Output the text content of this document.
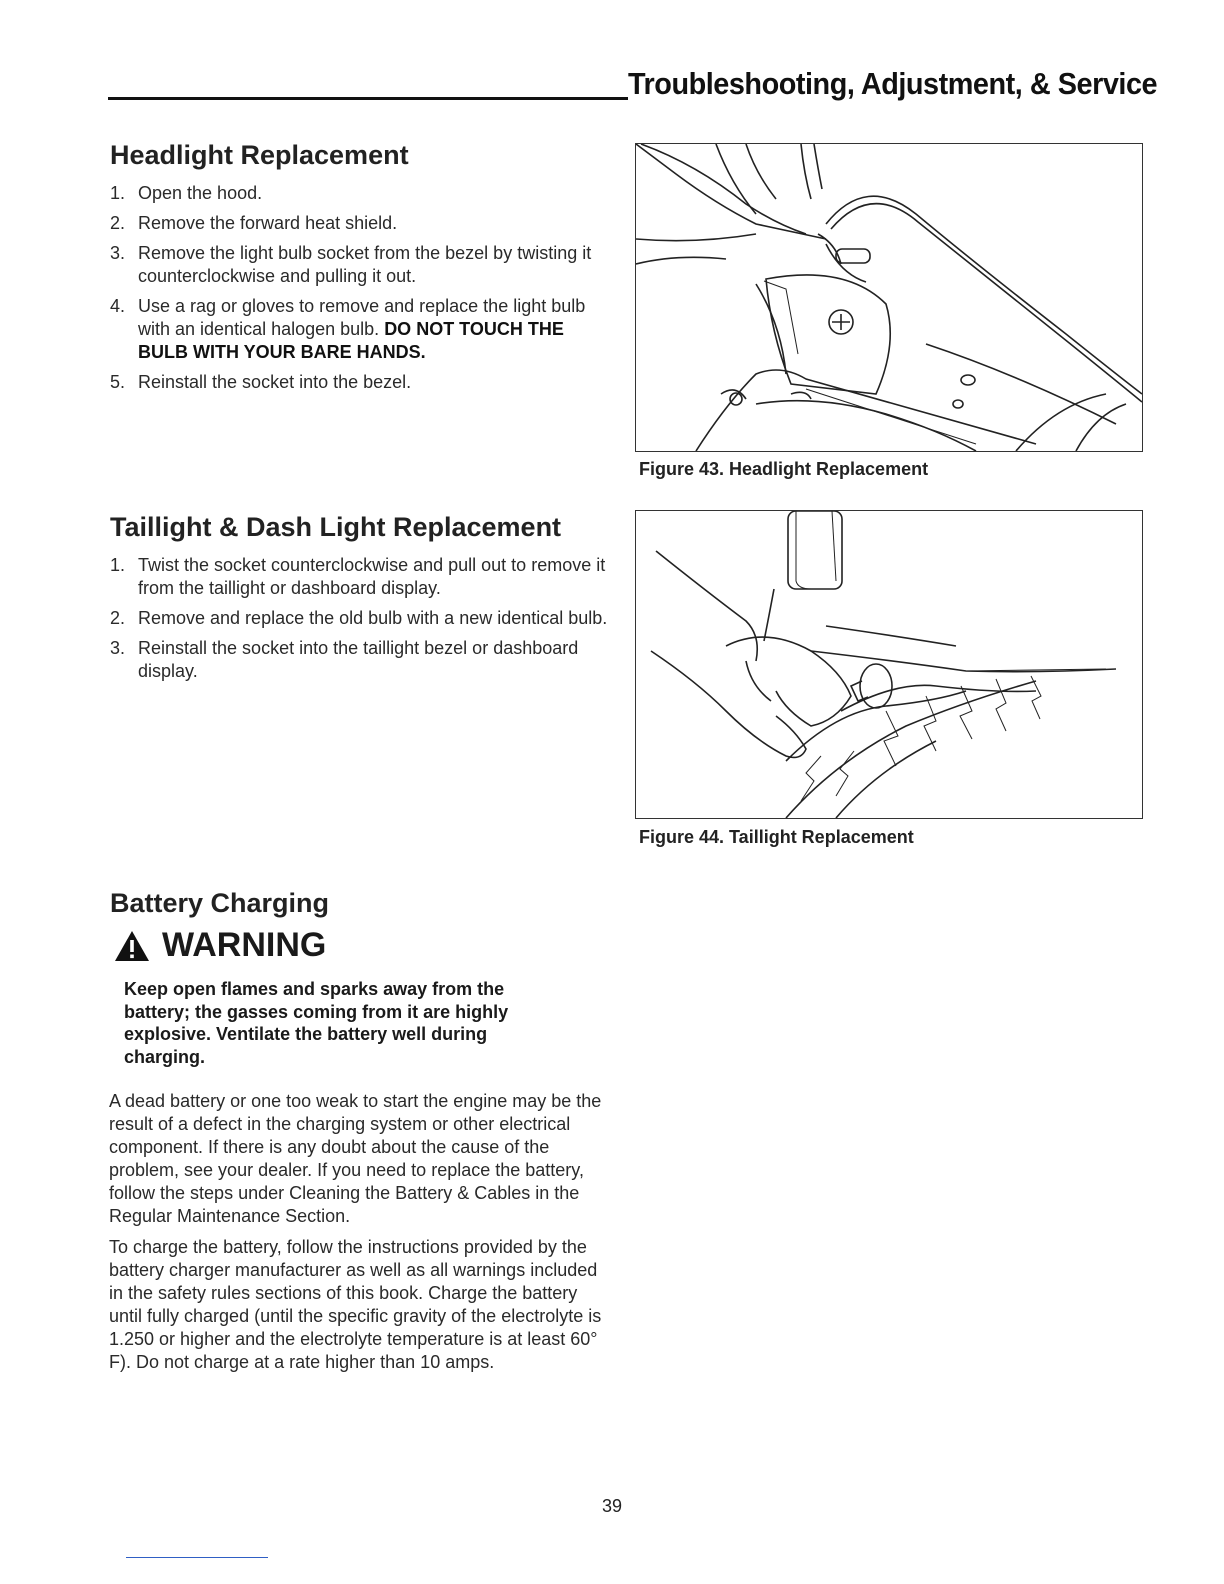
Troubleshooting, Adjustment, & Service
Headlight Replacement
1. Open the hood.
2. Remove the forward heat shield.
3. Remove the light bulb socket from the bezel by twisting it counterclockwise and pulling it out.
4. Use a rag or gloves to remove and replace the light bulb with an identical halogen bulb. DO NOT TOUCH THE BULB WITH YOUR BARE HANDS.
5. Reinstall the socket into the bezel.
Figure 43. Headlight Replacement
Taillight & Dash Light Replacement
1. Twist the socket counterclockwise and pull out to remove it from the taillight or dashboard display.
2. Remove and replace the old bulb with a new identical bulb.
3. Reinstall the socket into the taillight bezel or dashboard display.
Figure 44. Taillight Replacement
Battery Charging
WARNING

Keep open flames and sparks away from the battery; the gasses coming from it are highly explosive. Ventilate the battery well during charging.

A dead battery or one too weak to start the engine may be the result of a defect in the charging system or other electrical component. If there is any doubt about the cause of the problem, see your dealer. If you need to replace the battery, follow the steps under Cleaning the Battery & Cables in the Regular Maintenance Section.

To charge the battery, follow the instructions provided by the battery charger manufacturer as well as all warnings included in the safety rules sections of this book. Charge the battery until fully charged (until the specific gravity of the electrolyte is 1.250 or higher and the electrolyte temperature is at least 60° F). Do not charge at a rate higher than 10 amps.

39
